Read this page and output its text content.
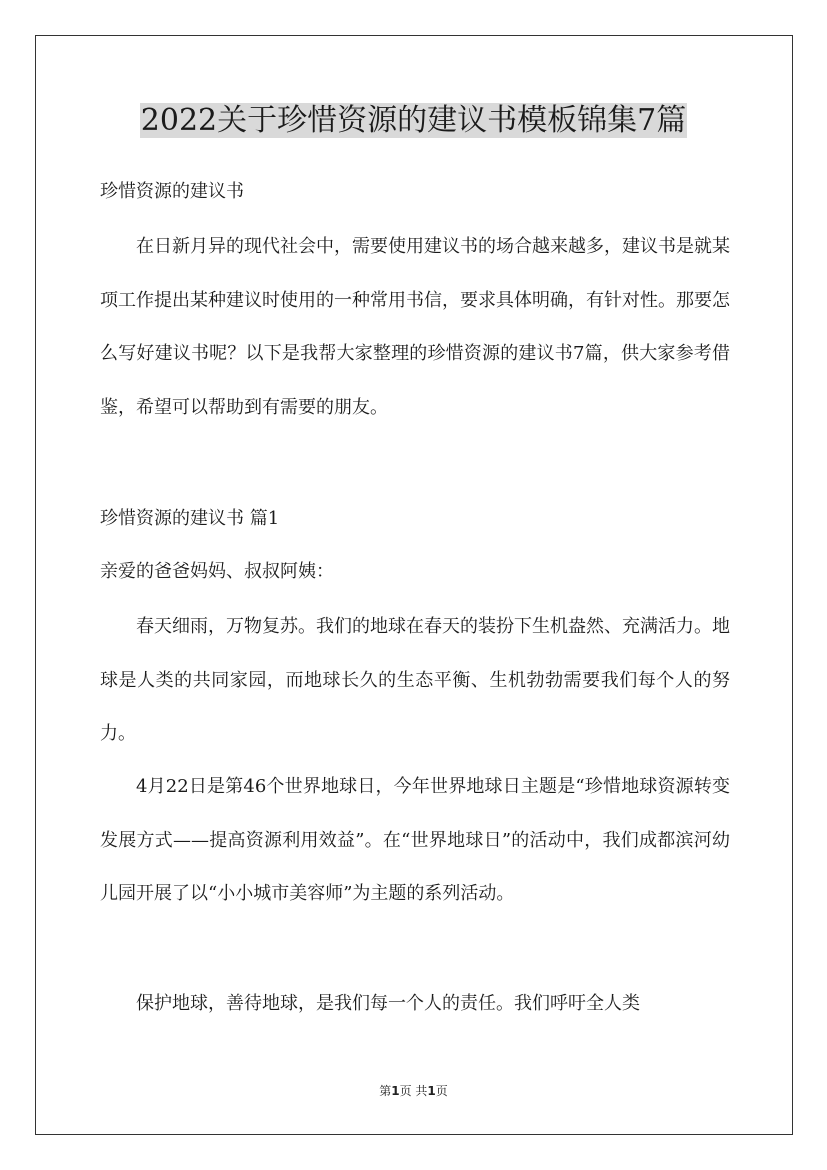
2022关于珍惜资源的建议书模板锦集7篇
珍惜资源的建议书

在日新月异的现代社会中，需要使用建议书的场合越来越多，建议书是就某项工作提出某种建议时使用的一种常用书信，要求具体明确，有针对性。那要怎么写好建议书呢？以下是我帮大家整理的珍惜资源的建议书7篇，供大家参考借鉴，希望可以帮助到有需要的朋友。

珍惜资源的建议书 篇1
亲爱的爸爸妈妈、叔叔阿姨：

春天细雨，万物复苏。我们的地球在春天的装扮下生机盎然、充满活力。地球是人类的共同家园，而地球长久的生态平衡、生机勃勃需要我们每个人的努力。

4月22日是第46个世界地球日，今年世界地球日主题是“珍惜地球资源转变发展方式——提高资源利用效益”。在“世界地球日”的活动中，我们成都滨河幼儿园开展了以“小小城市美容师”为主题的系列活动。

保护地球，善待地球，是我们每一个人的责任。我们呼吁全人类

第1页 共1页
